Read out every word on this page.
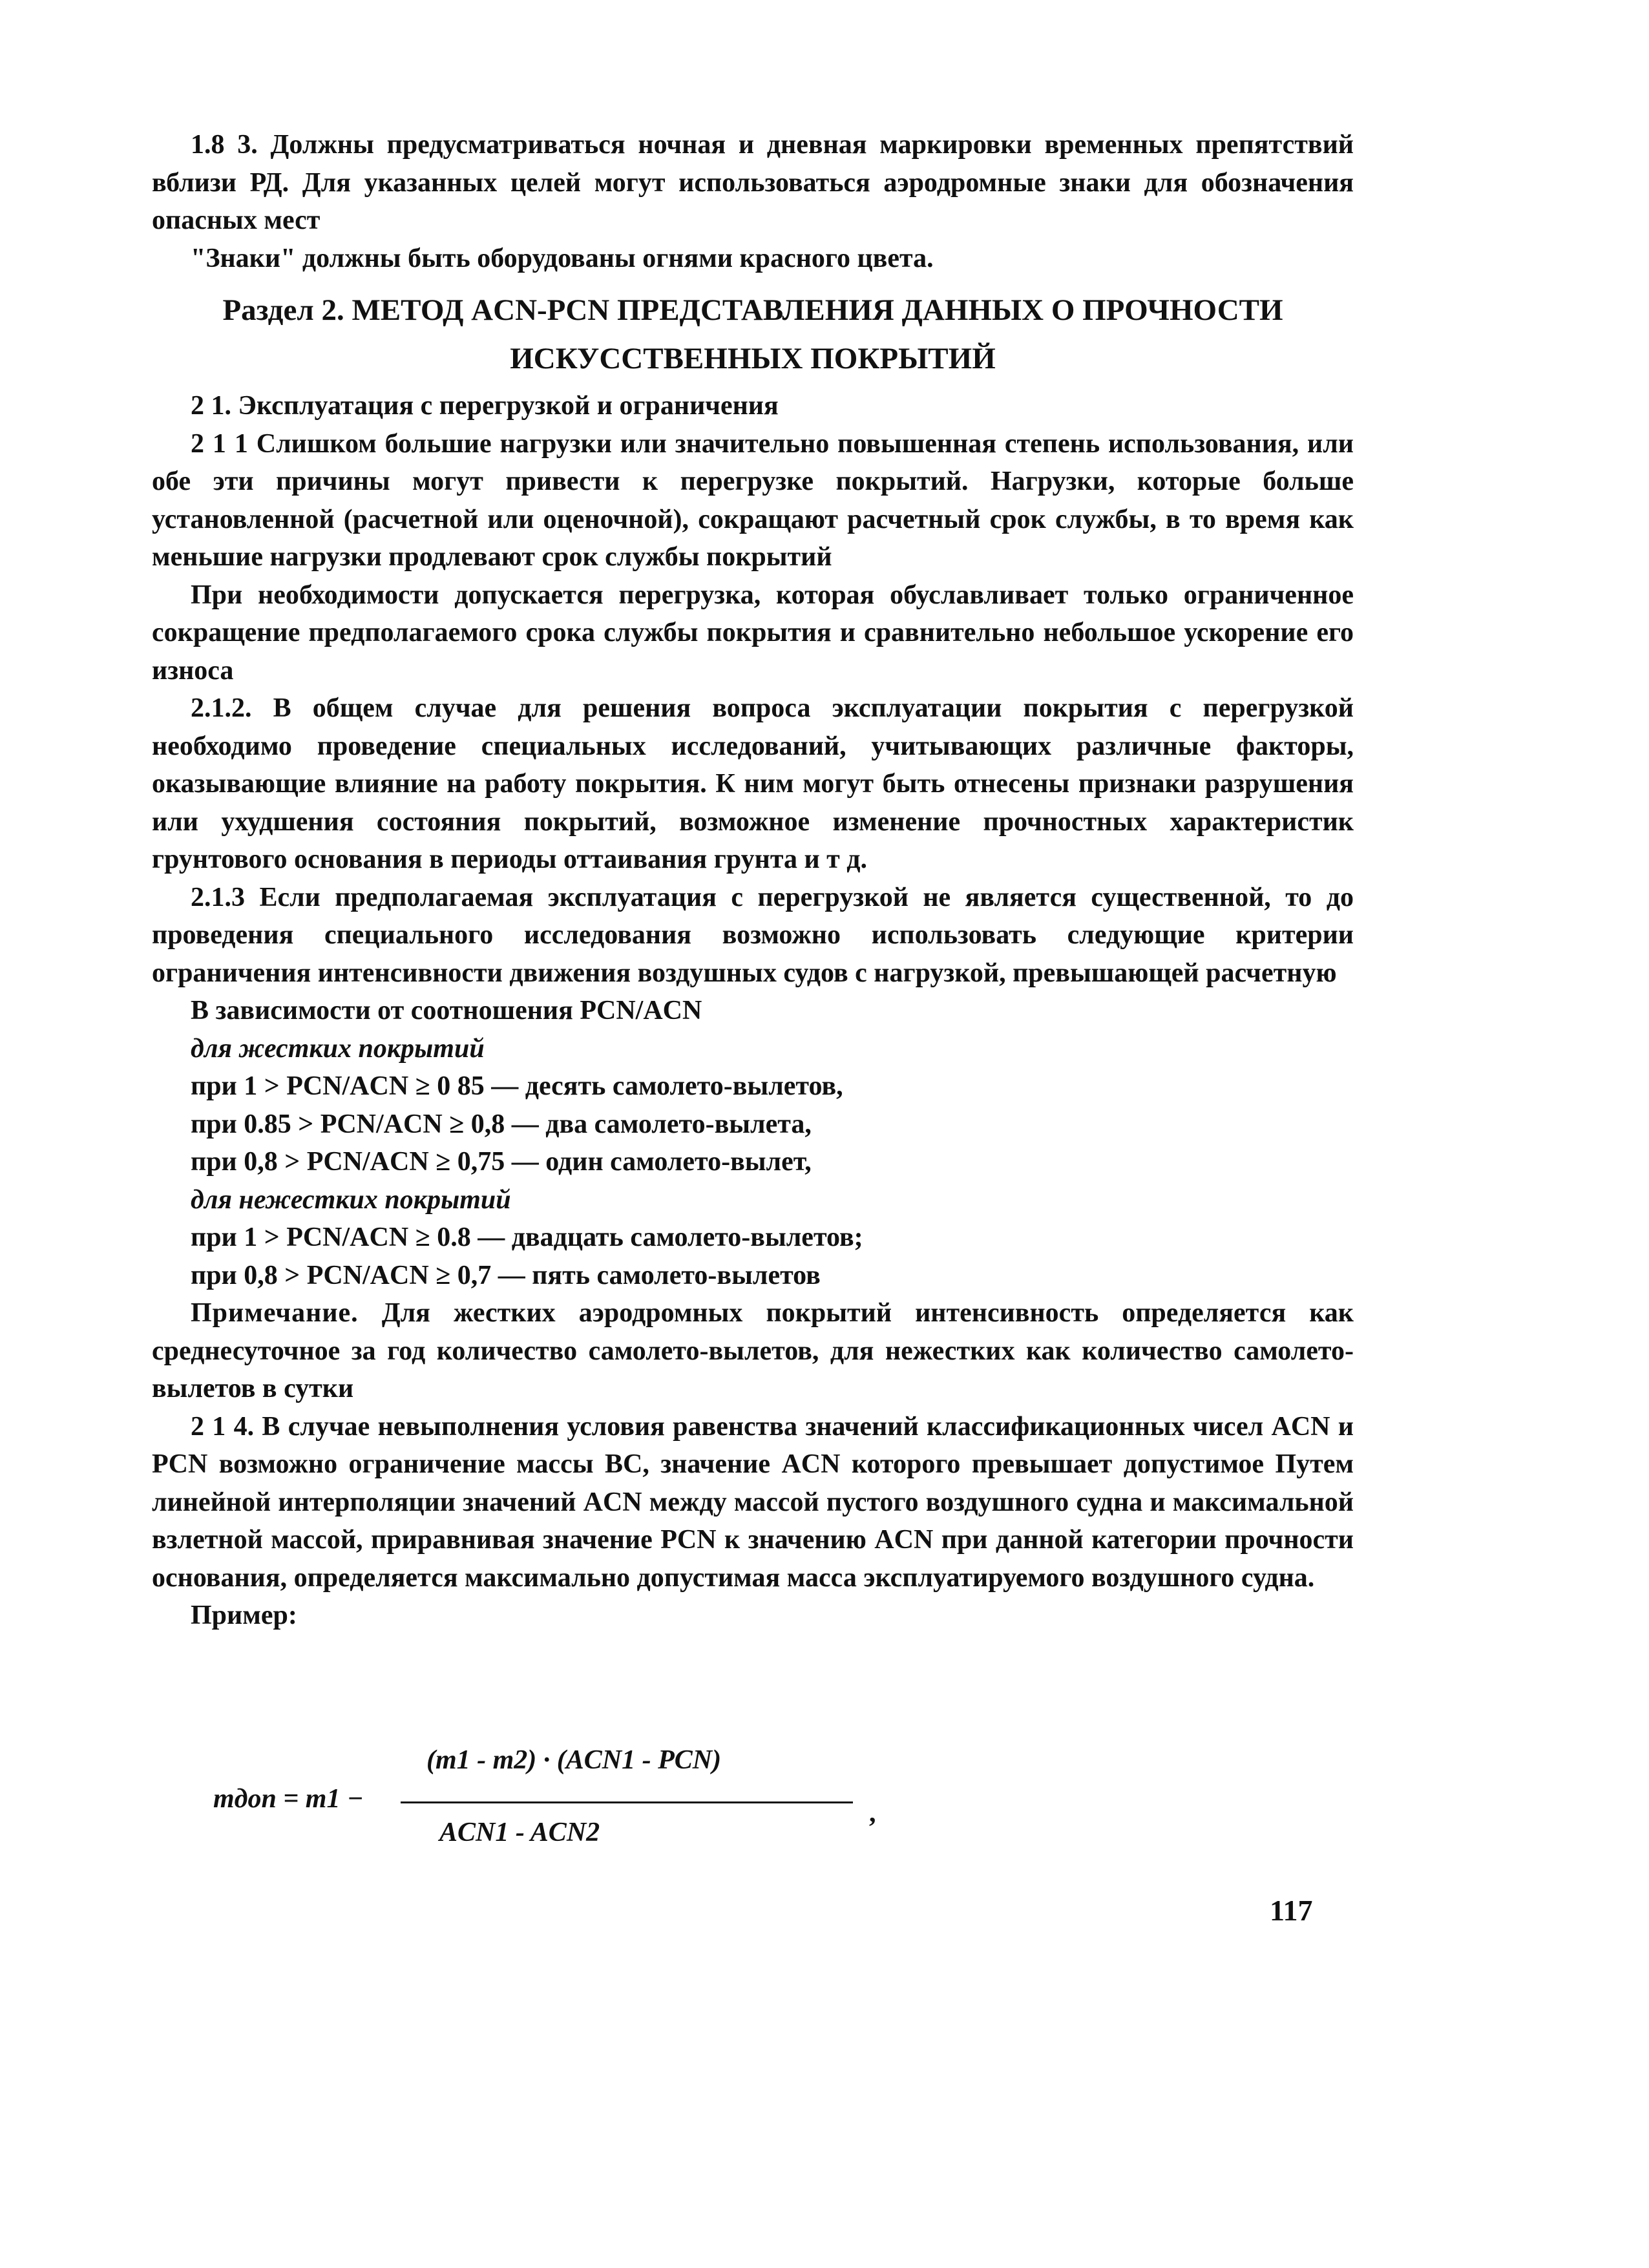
1.8 3. Должны предусматриваться ночная и дневная маркировки временных препятствий вблизи РД. Для указанных целей могут использоваться аэродромные знаки для обозначения опасных мест

"Знаки" должны быть оборудованы огнями красного цвета.

Раздел 2. МЕТОД ACN-PCN ПРЕДСТАВЛЕНИЯ ДАННЫХ О ПРОЧНОСТИ
ИСКУССТВЕННЫХ ПОКРЫТИЙ

2 1. Эксплуатация с перегрузкой и ограничения

2 1 1 Слишком большие нагрузки или значительно повышенная степень использования, или обе эти причины могут привести к перегрузке покрытий. Нагрузки, которые больше установленной (расчетной или оценочной), сокращают расчетный срок службы, в то время как меньшие нагрузки продлевают срок службы покрытий

При необходимости допускается перегрузка, которая обуславливает только ограниченное сокращение предполагаемого срока службы покрытия и сравнительно небольшое ускорение его износа

2.1.2. В общем случае для решения вопроса эксплуатации покрытия с перегрузкой необходимо проведение специальных исследований, учитывающих различные факторы, оказывающие влияние на работу покрытия. К ним могут быть отнесены признаки разрушения или ухудшения состояния покрытий, возможное изменение прочностных характеристик грунтового основания в периоды оттаивания грунта и т д.

2.1.3 Если предполагаемая эксплуатация с перегрузкой не является существенной, то до проведения специального исследования возможно использовать следующие критерии ограничения интенсивности движения воздушных судов с нагрузкой, превышающей расчетную

В зависимости от соотношения PCN/ACN
для жестких покрытий
при 1 > PCN/ACN ≥ 0 85 — десять самолето-вылетов,
при 0.85 > PCN/ACN ≥ 0,8 — два самолето-вылета,
при 0,8 > PCN/ACN ≥ 0,75 — один самолето-вылет,
для нежестких покрытий
при 1 > PCN/ACN ≥ 0.8 — двадцать самолето-вылетов;
при 0,8 > PCN/ACN ≥ 0,7 — пять самолето-вылетов

Примечание. Для жестких аэродромных покрытий интенсивность определяется как среднесуточное за год количество самолето-вылетов, для нежестких как количество самолето-вылетов в сутки

2 1 4. В случае невыполнения условия равенства значений классификационных чисел ACN и PCN возможно ограничение массы ВС, значение ACN которого превышает допустимое Путем линейной интерполяции значений ACN между массой пустого воздушного судна и максимальной взлетной массой, приравнивая значение PCN к значению ACN при данной категории прочности основания, определяется максимально допустимая масса эксплуатируемого воздушного судна.

Пример:

mдоп = m1 −
(m1 - m2) · (ACN1 - PCN)
ACN1 - ACN2
,
117
